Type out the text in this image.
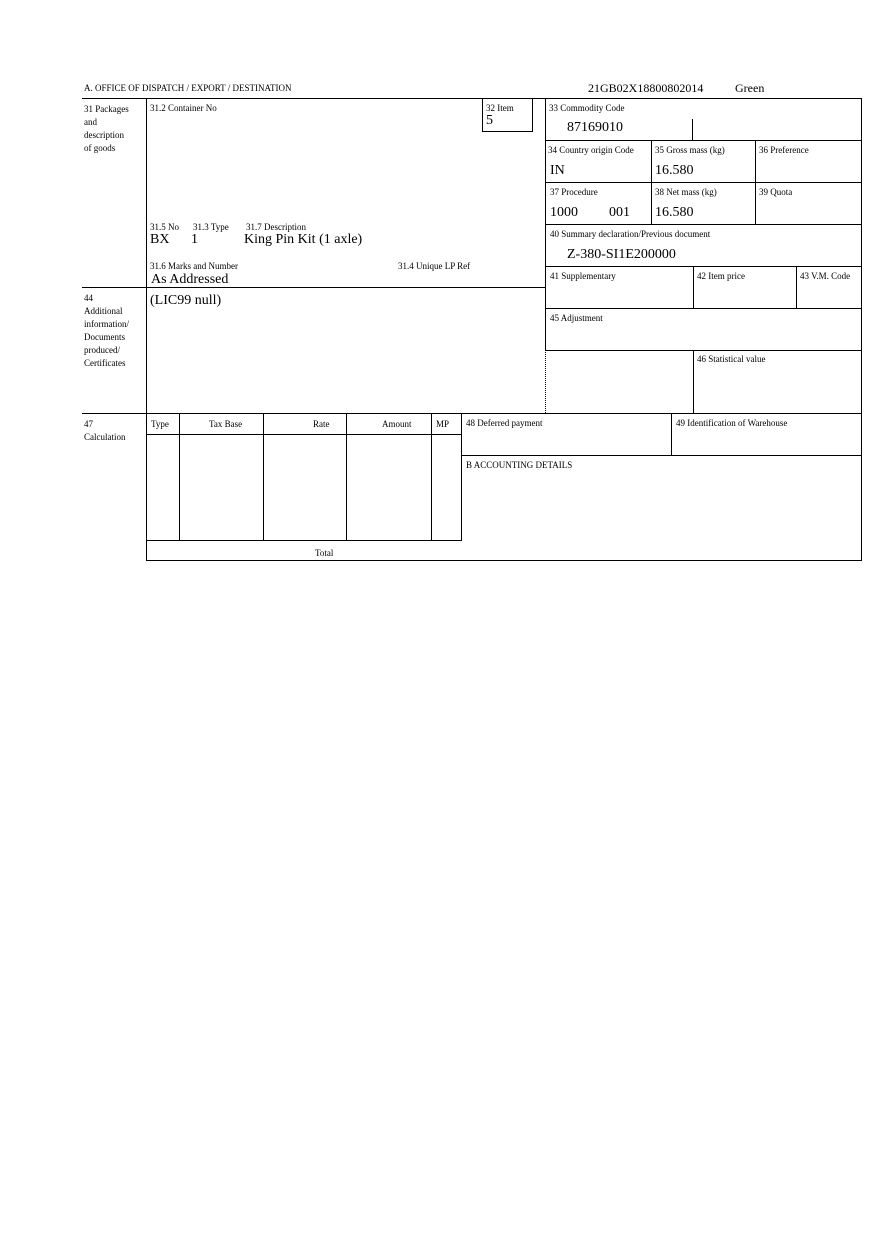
A. OFFICE OF DISPATCH / EXPORT / DESTINATION	21GB02X18800802014	Green
31 Packages
and
description
of goods
31.2 Container No
31.5 No
BX
31.3 Type
1
31.7 Description
King Pin Kit (1 axle)
31.6 Marks and Number
As Addressed
31.4 Unique LP Ref
32 Item
5
33 Commodity Code
87169010
34 Country origin Code
IN
35 Gross mass (kg)
16.580
36 Preference
37 Procedure
1000 001
38 Net mass (kg)
16.580
39 Quota
40 Summary declaration/Previous document
Z-380-SI1E200000
41 Supplementary	42 Item price	43 V.M. Code
45 Adjustment
46 Statistical value
44
Additional
information/
Documents
produced/
Certificates
(LIC99 null)
47
Calculation
Type	Tax Base	Rate	Amount	MP
Total
48 Deferred payment	49 Identification of Warehouse
B ACCOUNTING DETAILS
